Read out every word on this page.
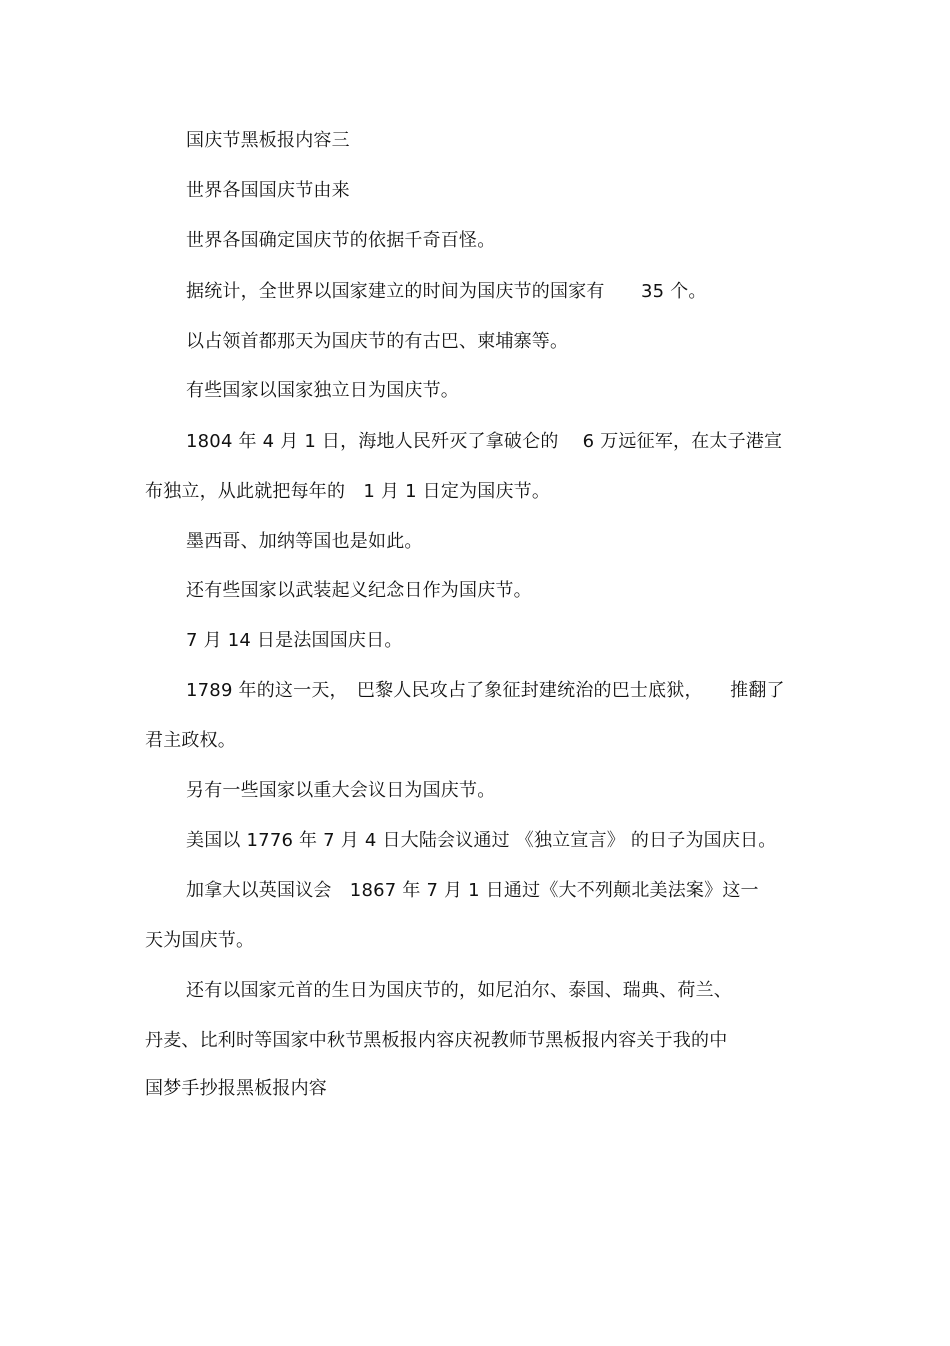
国庆节黑板报内容三
世界各国国庆节由来
世界各国确定国庆节的依据千奇百怪。
据统计，全世界以国家建立的时间为国庆节的国家有　　35 个。
以占领首都那天为国庆节的有古巴、柬埔寨等。
有些国家以国家独立日为国庆节。
1804 年 4 月 1 日，海地人民歼灭了拿破仑的　 6 万远征军，在太子港宣
布独立，从此就把每年的　1 月 1 日定为国庆节。
墨西哥、加纳等国也是如此。
还有些国家以武装起义纪念日作为国庆节。
7 月 14 日是法国国庆日。
1789 年的这一天，　巴黎人民攻占了象征封建统治的巴士底狱，　　推翻了
君主政权。
另有一些国家以重大会议日为国庆节。
美国以 1776 年 7 月 4 日大陆会议通过 《独立宣言》 的日子为国庆日。
加拿大以英国议会　1867 年 7 月 1 日通过《大不列颠北美法案》这一
天为国庆节。
还有以国家元首的生日为国庆节的，如尼泊尔、泰国、瑞典、荷兰、
丹麦、比利时等国家中秋节黑板报内容庆祝教师节黑板报内容关于我的中
国梦手抄报黑板报内容
